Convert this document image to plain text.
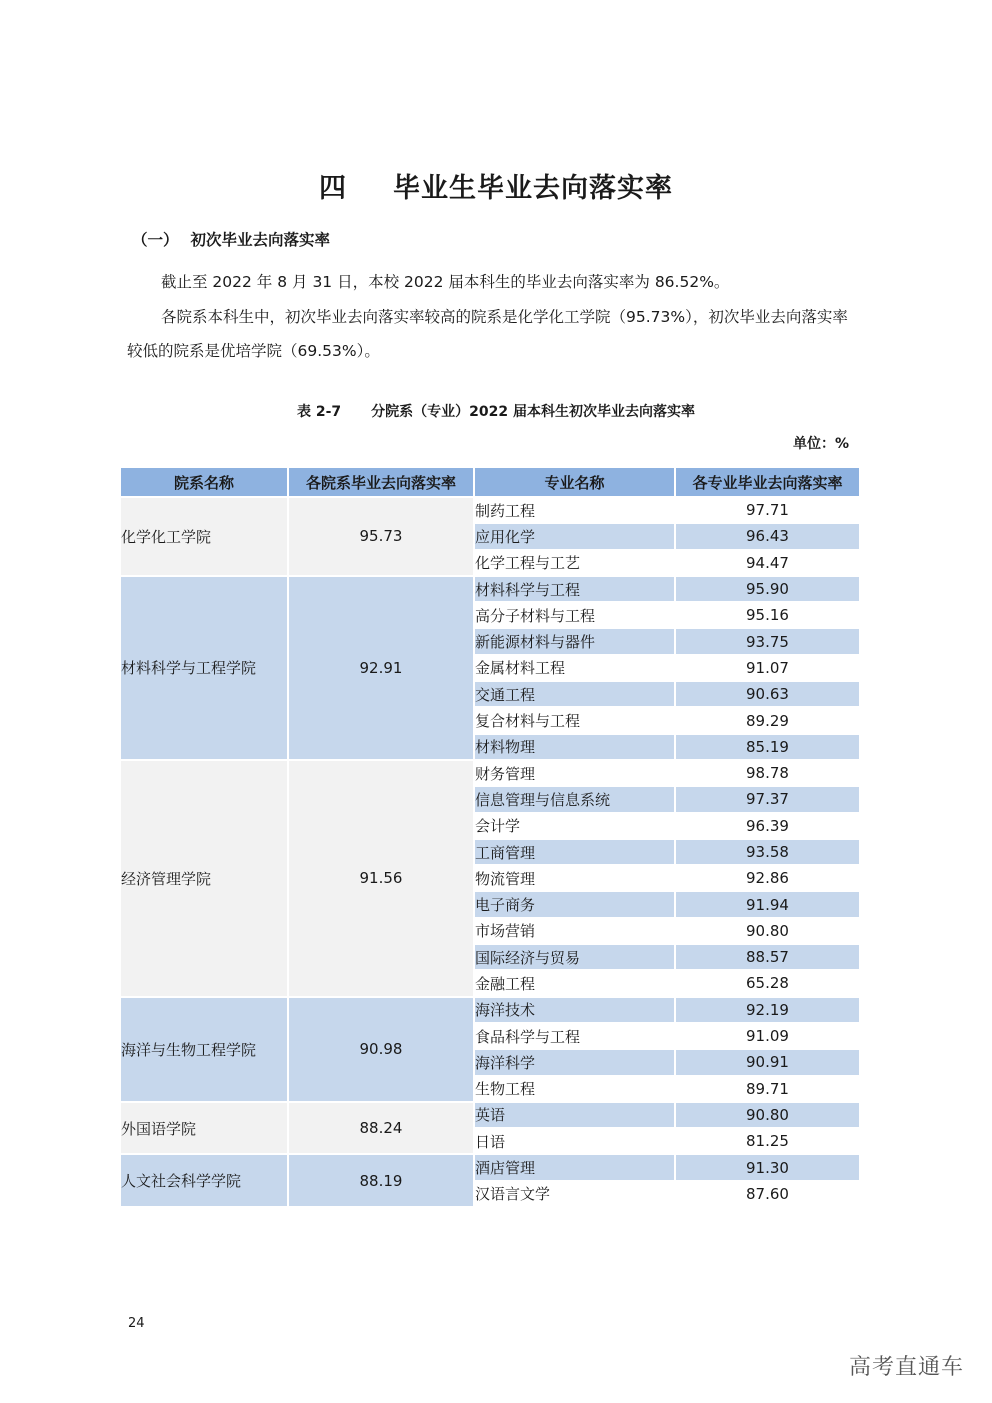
四 毕业生毕业去向落实率
（一） 初次毕业去向落实率

截止至 2022 年 8 月 31 日，本校 2022 届本科生的毕业去向落实率为 86.52%。

各院系本科生中，初次毕业去向落实率较高的院系是化学化工学院（95.73%），初次毕业去向落实率较低的院系是优培学院（69.53%）。

表 2-7 分院系（专业）2022 届本科生初次毕业去向落实率
单位：%
院系名称	各院系毕业去向落实率	专业名称	各专业毕业去向落实率
化学化工学院	95.73	制药工程	97.71
		应用化学	96.43
		化学工程与工艺	94.47
材料科学与工程学院	92.91	材料科学与工程	95.90
		高分子材料与工程	95.16
		新能源材料与器件	93.75
		金属材料工程	91.07
		交通工程	90.63
		复合材料与工程	89.29
		材料物理	85.19
经济管理学院	91.56	财务管理	98.78
		信息管理与信息系统	97.37
		会计学	96.39
		工商管理	93.58
		物流管理	92.86
		电子商务	91.94
		市场营销	90.80
		国际经济与贸易	88.57
		金融工程	65.28
海洋与生物工程学院	90.98	海洋技术	92.19
		食品科学与工程	91.09
		海洋科学	90.91
		生物工程	89.71
外国语学院	88.24	英语	90.80
		日语	81.25
人文社会科学学院	88.19	酒店管理	91.30
		汉语言文学	87.60
24
高考直通车
